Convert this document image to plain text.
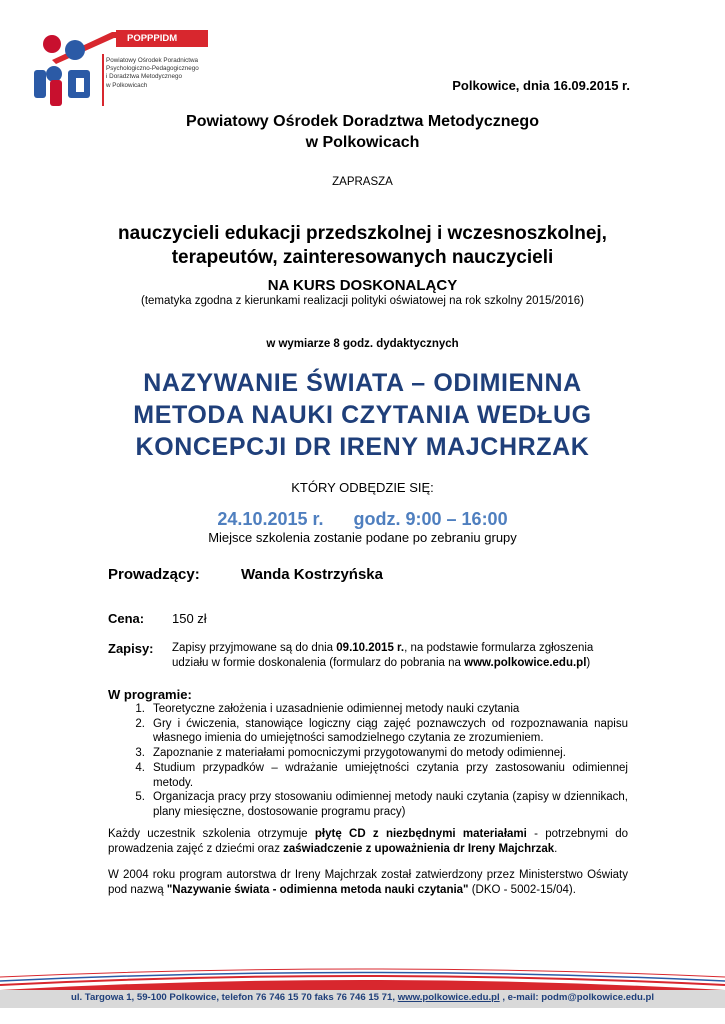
POPPPIDM
Powiatowy Ośrodek Poradnictwa
Psychologiczno-Pedagogicznego
i Doradztwa Metodycznego
w Polkowicach	Polkowice, dnia 16.09.2015 r.
Powiatowy Ośrodek Doradztwa Metodycznego
w Polkowicach
ZAPRASZA
nauczycieli edukacji przedszkolnej i wczesnoszkolnej,
terapeutów, zainteresowanych nauczycieli
NA KURS DOSKONALĄCY
(tematyka zgodna z kierunkami realizacji polityki oświatowej na rok szkolny 2015/2016)
w wymiarze 8 godz. dydaktycznych
NAZYWANIE ŚWIATA – ODIMIENNA
METODA NAUKI CZYTANIA WEDŁUG
KONCEPCJI DR IRENY MAJCHRZAK
KTÓRY ODBĘDZIE SIĘ:
24.10.2015 r. godz. 9:00 – 16:00
Miejsce szkolenia zostanie podane po zebraniu grupy
Prowadzący:	Wanda Kostrzyńska
Cena: 150 zł
Zapisy: Zapisy przyjmowane są do dnia 09.10.2015 r., na podstawie formularza zgłoszenia udziału w formie doskonalenia (formularz do pobrania na www.polkowice.edu.pl)
W programie:
1. Teoretyczne założenia i uzasadnienie odimiennej metody nauki czytania
2. Gry i ćwiczenia, stanowiące logiczny ciąg zajęć poznawczych od rozpoznawania napisu własnego imienia do umiejętności samodzielnego czytania ze zrozumieniem.
3. Zapoznanie z materiałami pomocniczymi przygotowanymi do metody odimiennej.
4. Studium przypadków – wdrażanie umiejętności czytania przy zastosowaniu odimiennej metody.
5. Organizacja pracy przy stosowaniu odimiennej metody nauki czytania (zapisy w dziennikach, plany miesięczne, dostosowanie programu pracy)
Każdy uczestnik szkolenia otrzymuje płytę CD z niezbędnymi materiałami - potrzebnymi do prowadzenia zajęć z dziećmi oraz zaświadczenie z upoważnienia dr Ireny Majchrzak.
W 2004 roku program autorstwa dr Ireny Majchrzak został zatwierdzony przez Ministerstwo Oświaty pod nazwą "Nazywanie świata - odimienna metoda nauki czytania" (DKO - 5002-15/04).
ul. Targowa 1, 59-100 Polkowice, telefon 76 746 15 70 faks 76 746 15 71, www.polkowice.edu.pl , e-mail: podm@polkowice.edu.pl
